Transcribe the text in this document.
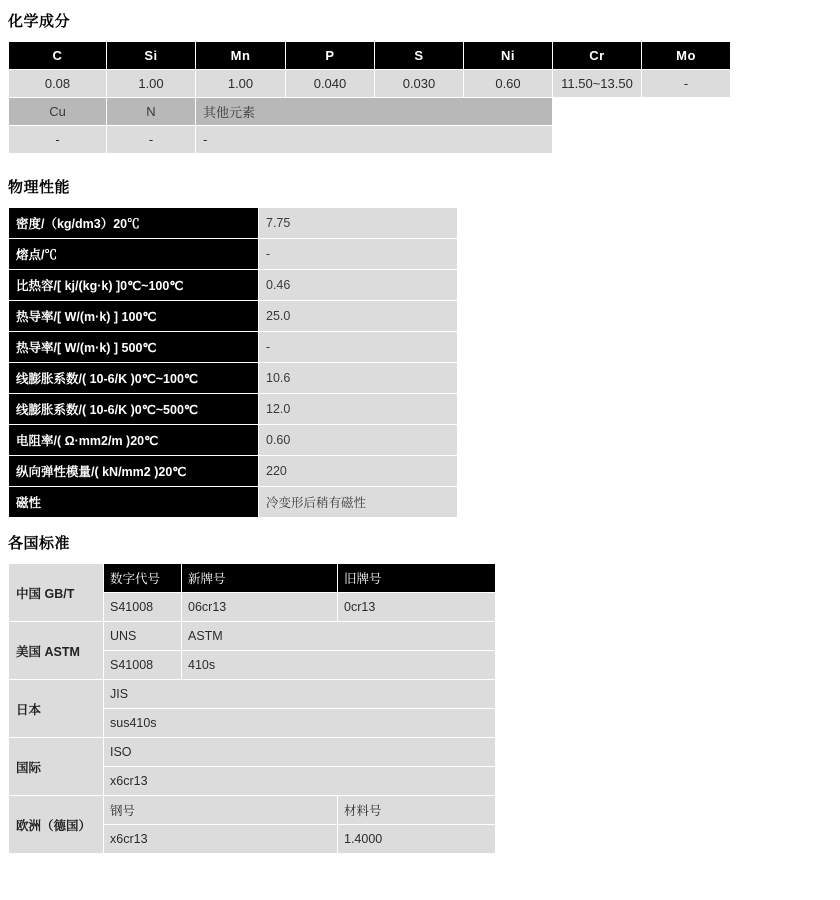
化学成分
C	Si	Mn	P	S	Ni	Cr	Mo
0.08	1.00	1.00	0.040	0.030	0.60	11.50~13.50	-
Cu	N	其他元素					
-	-	-					
物理性能
密度/（kg/dm3）20℃	7.75
熔点/℃	-
比热容/[ kj/(kg·k) ]0℃~100℃	0.46
热导率/[ W/(m·k) ] 100℃	25.0
热导率/[ W/(m·k) ] 500℃	-
线膨胀系数/( 10-6/K )0℃~100℃	10.6
线膨胀系数/( 10-6/K )0℃~500℃	12.0
电阻率/( Ω·mm2/m )20℃	0.60
纵向弹性模量/( kN/mm2 )20℃	220
磁性	冷变形后稍有磁性
各国标准
中国 GB/T	数字代号	新牌号	旧牌号
	S41008	06cr13	0cr13
美国 ASTM	UNS	ASTM	
	S41008	410s	
日本	JIS		
	sus410s		
国际	ISO		
	x6cr13		
欧洲（德国）	钢号		材料号
	x6cr13		1.4000
